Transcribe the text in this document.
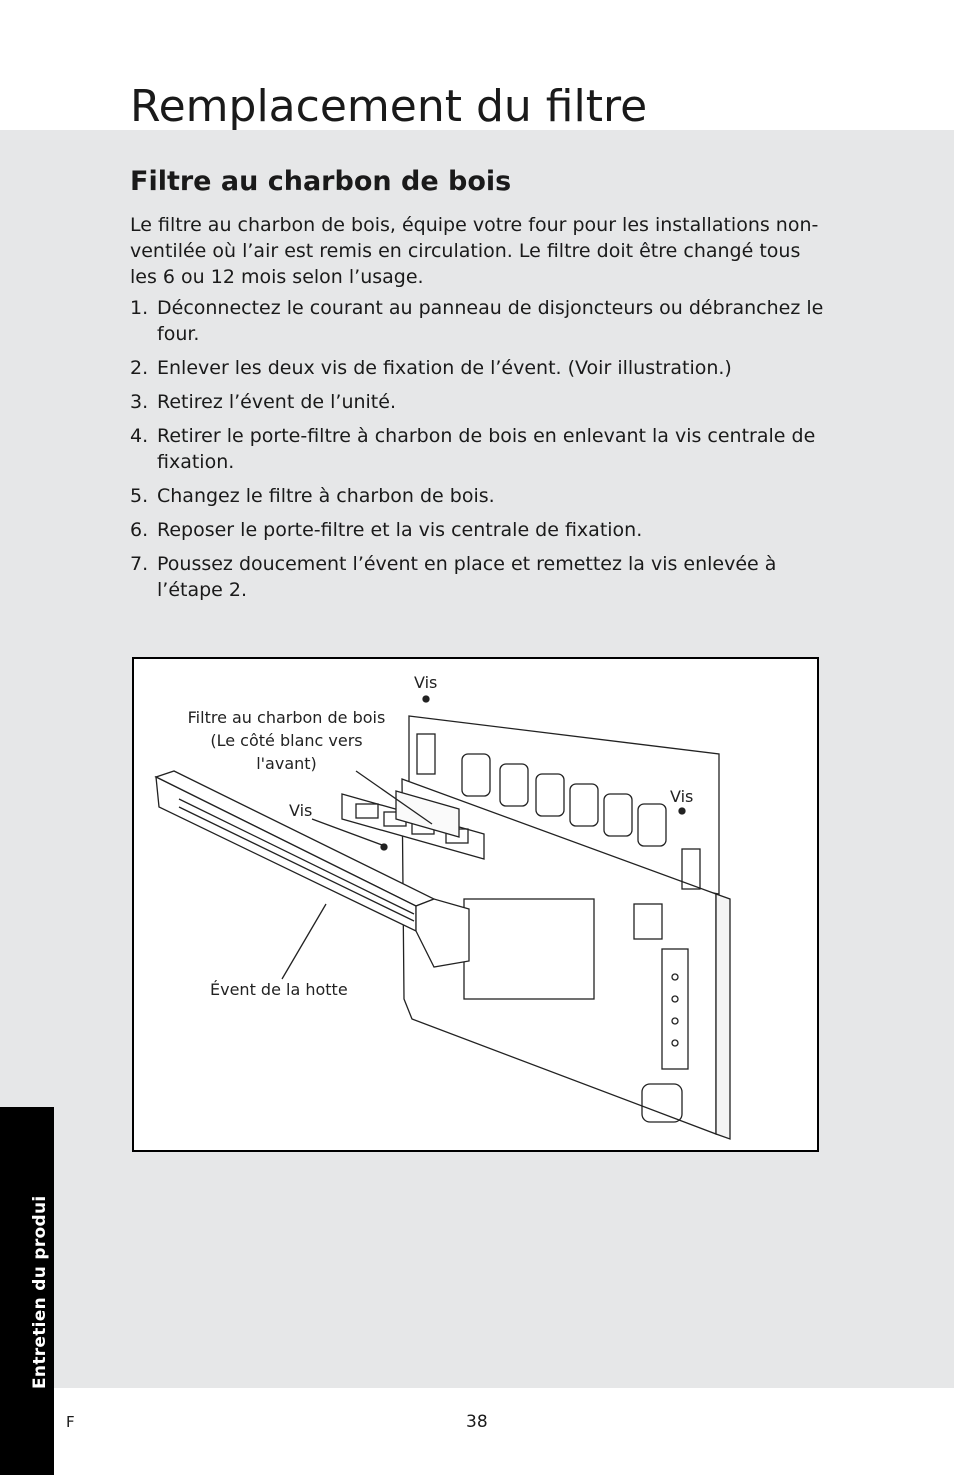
Remplacement du filtre
Filtre au charbon de bois

Le filtre au charbon de bois, équipe votre four pour les installations non-ventilée où l’air est remis en circulation. Le filtre doit être changé tous les 6 ou 12 mois selon l’usage.

1. Déconnectez le courant au panneau de disjoncteurs ou débranchez le four.
2. Enlever les deux vis de fixation de l’évent. (Voir illustration.)
3. Retirez l’évent de l’unité.
4. Retirer le porte-filtre à charbon de bois en enlevant la vis centrale de fixation.
5. Changez le filtre à charbon de bois.
6. Reposer le porte-filtre et la vis centrale de fixation.
7. Poussez doucement l’évent en place et remettez la vis enlevée à l’étape 2.
Vis
Filtre au charbon de bois (Le côté blanc vers l'avant)
Vis
Vis
Évent de la hotte
Entretien du produi
F	38
